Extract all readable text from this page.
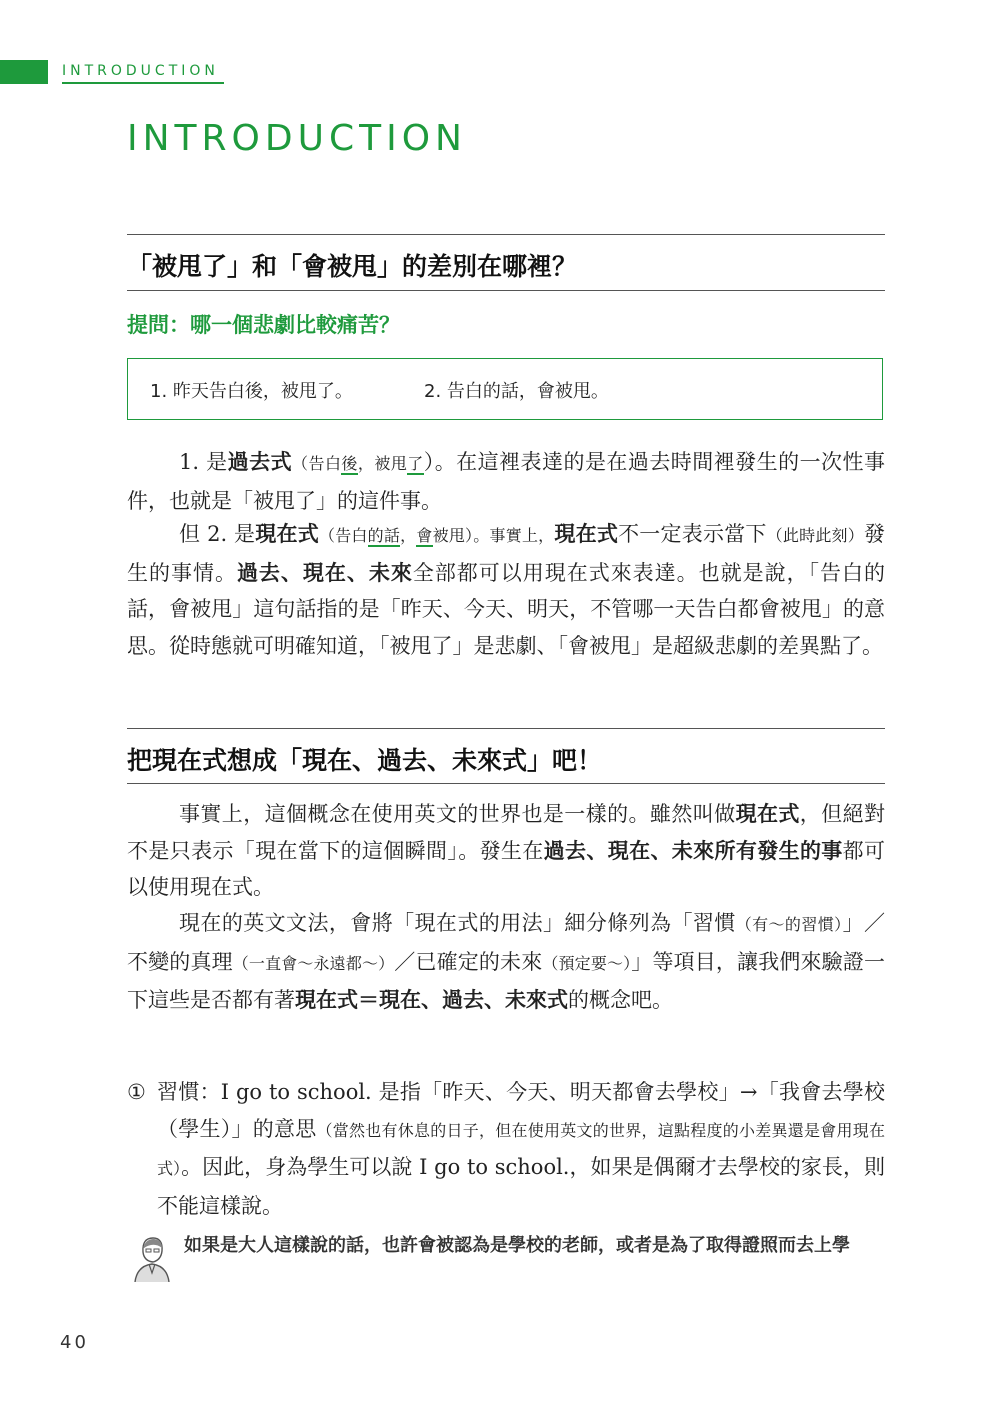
INTRODUCTION
INTRODUCTION
「被甩了」和「會被甩」的差別在哪裡？
提問：哪一個悲劇比較痛苦？
1. 昨天告白後，被甩了。	2. 告白的話，會被甩。

1. 是過去式（告白後，被甩了）。在這裡表達的是在過去時間裡發生的一次性事件，也就是「被甩了」的這件事。

但 2. 是現在式（告白的話，會被甩）。事實上，現在式不一定表示當下（此時此刻）發生的事情。過去、現在、未來全部都可以用現在式來表達。也就是說，「告白的話，會被甩」這句話指的是「昨天、今天、明天，不管哪一天告白都會被甩」的意思。從時態就可明確知道，「被甩了」是悲劇、「會被甩」是超級悲劇的差異點了。

把現在式想成「現在、過去、未來式」吧！

事實上，這個概念在使用英文的世界也是一樣的。雖然叫做現在式，但絕對不是只表示「現在當下的這個瞬間」。發生在過去、現在、未來所有發生的事都可以使用現在式。

現在的英文文法，會將「現在式的用法」細分條列為「習慣（有～的習慣）」／不變的真理（一直會～永遠都～）／已確定的未來（預定要～）」等項目，讓我們來驗證一下這些是否都有著現在式＝現在、過去、未來式的概念吧。

① 習慣：I go to school. 是指「昨天、今天、明天都會去學校」→「我會去學校（學生）」的意思（當然也有休息的日子，但在使用英文的世界，這點程度的小差異還是會用現在式）。因此，身為學生可以說 I go to school.，如果是偶爾才去學校的家長，則不能這樣說。
如果是大人這樣說的話，也許會被認為是學校的老師，或者是為了取得證照而去上學
40
